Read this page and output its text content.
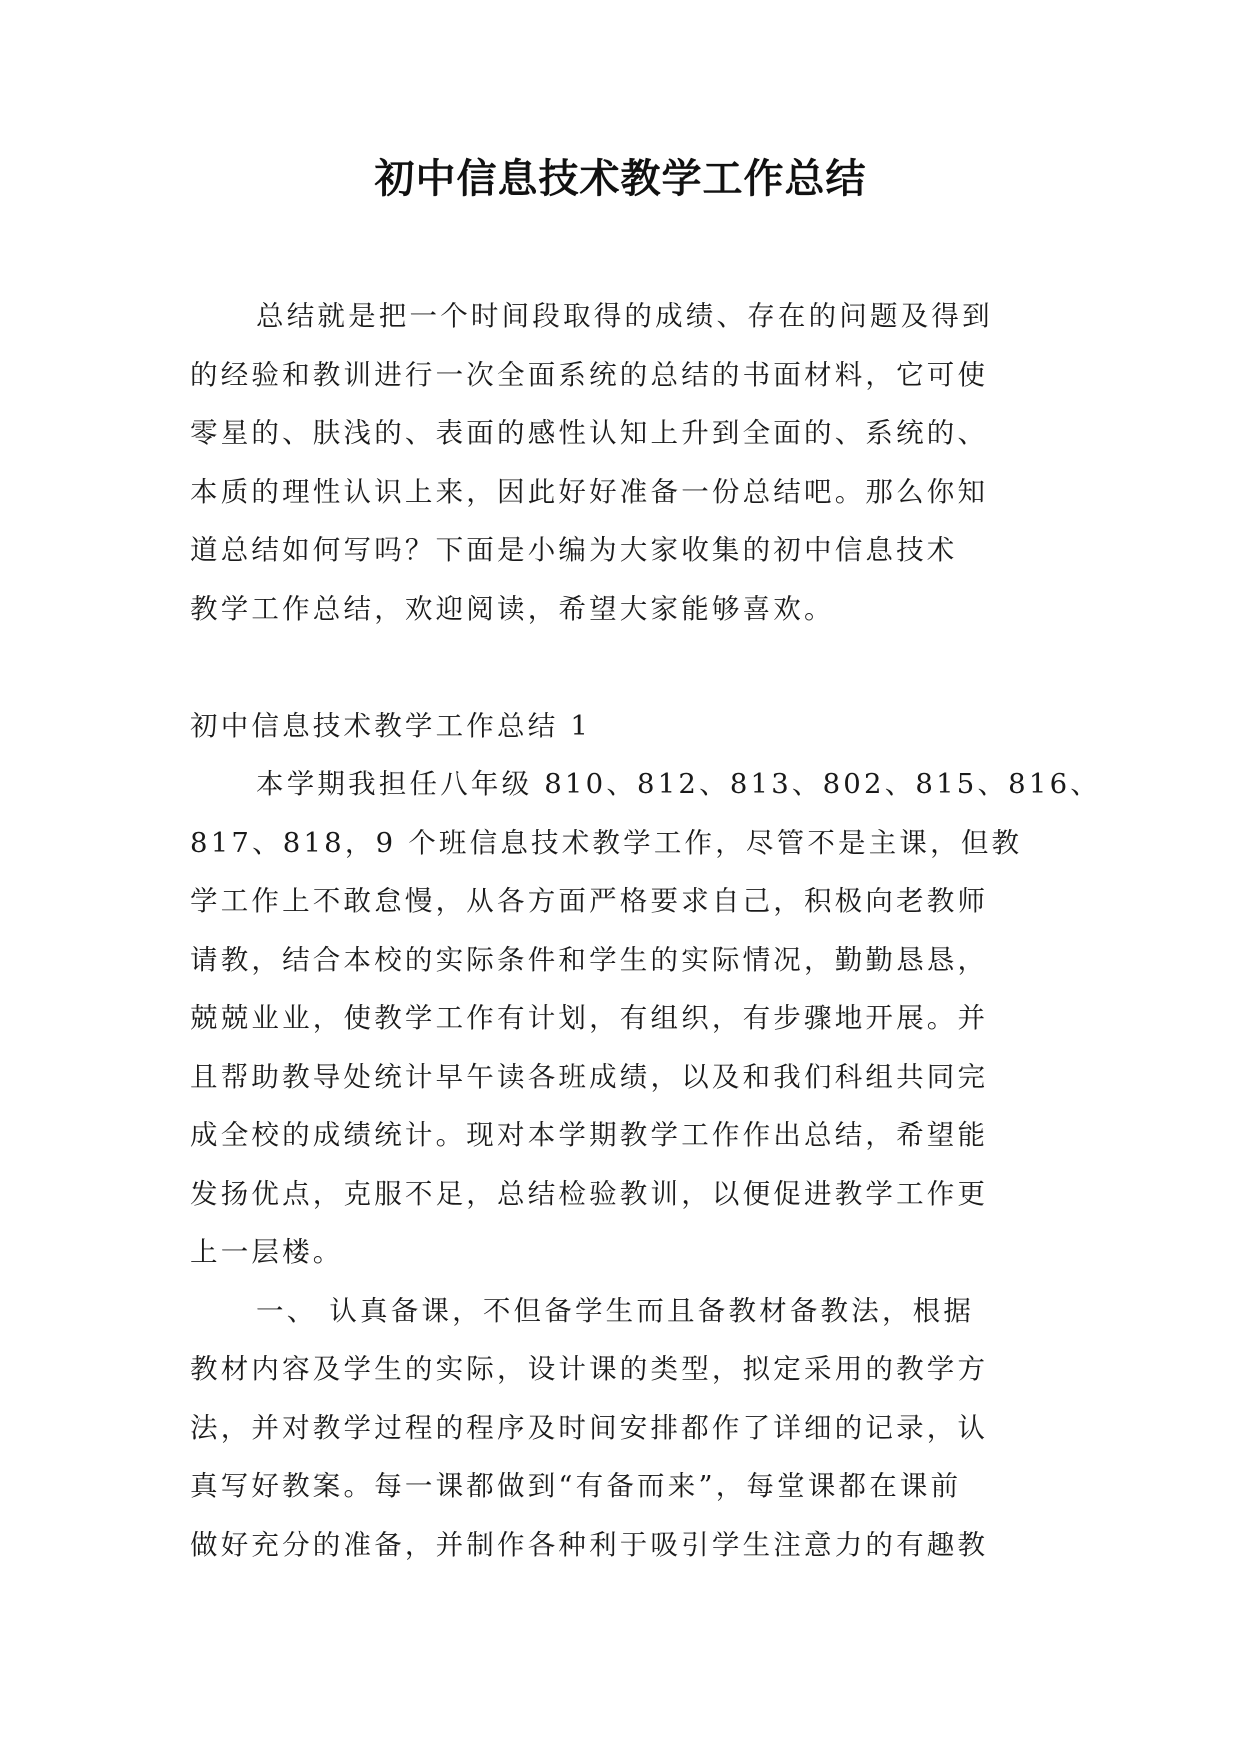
初中信息技术教学工作总结
总结就是把一个时间段取得的成绩、存在的问题及得到
的经验和教训进行一次全面系统的总结的书面材料，它可使
零星的、肤浅的、表面的感性认知上升到全面的、系统的、
本质的理性认识上来，因此好好准备一份总结吧。那么你知
道总结如何写吗？下面是小编为大家收集的初中信息技术
教学工作总结，欢迎阅读，希望大家能够喜欢。
初中信息技术教学工作总结 1
本学期我担任八年级 810、812、813、802、815、816、
817、818，9 个班信息技术教学工作，尽管不是主课，但教
学工作上不敢怠慢，从各方面严格要求自己，积极向老教师
请教，结合本校的实际条件和学生的实际情况，勤勤恳恳，
兢兢业业，使教学工作有计划，有组织，有步骤地开展。并
且帮助教导处统计早午读各班成绩，以及和我们科组共同完
成全校的成绩统计。现对本学期教学工作作出总结，希望能
发扬优点，克服不足，总结检验教训，以便促进教学工作更
上一层楼。
一、 认真备课，不但备学生而且备教材备教法，根据
教材内容及学生的实际，设计课的类型，拟定采用的教学方
法，并对教学过程的程序及时间安排都作了详细的记录，认
真写好教案。每一课都做到“有备而来”，每堂课都在课前
做好充分的准备，并制作各种利于吸引学生注意力的有趣教
